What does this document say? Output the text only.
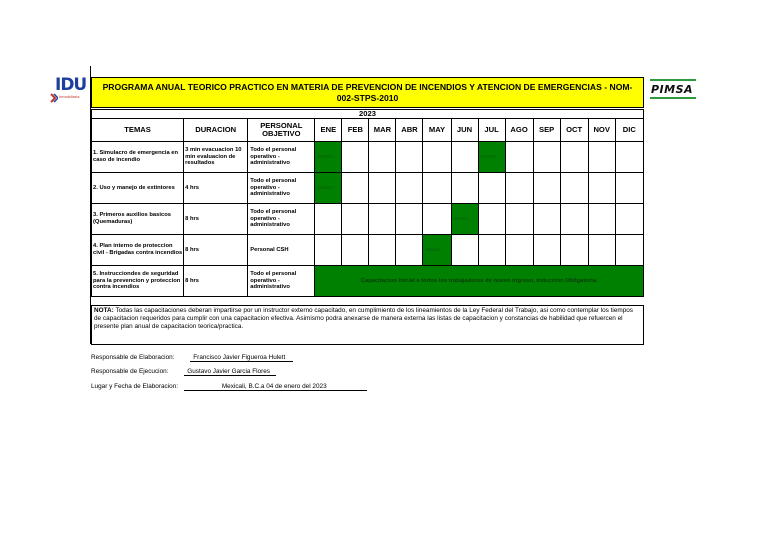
IDU
Inmobiliaria
PIMSA
PROGRAMA ANUAL TEORICO PRACTICO EN MATERIA DE PREVENCION DE INCENDIOS Y ATENCION DE EMERGENCIAS - NOM-002-STPS-2010
2023														
TEMAS	DURACION	PERSONAL OBJETIVO	ENE	FEB	MAR	ABR	MAY	JUN	JUL	AGO	SEP	OCT	NOV	DIC
1. Simulacro de emergencia en caso de incendio	3 min evacuacion 10 min evaluacion de resultados	Todo el personal operativo - administrativo	16/01/2023						14/07/2023					

2. Uso y manejo de extintores	4 hrs	Todo el personal operativo - administrativo	23/01/2023											

3. Primeros auxilios basicos (Quemaduras)	8 hrs	Todo el personal operativo - administrativo						16/06/2023						

4. Plan interno de proteccion civil - Brigadas contra incendios	8 hrs	Personal CSH					19/05/2023							

5. Instrucciondes de seguridad para la prevencion y proteccion contra incendios	8 hrs	Todo el personal operativo - administrativo	Capacitacion Inicial a todos los trabajadores de nuevo ingreso, Induccion Obligatoria.											
NOTA: Todas las capacitaciones deberan impartirse por un instructor externo capacitado, en cumplimiento de los lineamientos de la Ley Federal del Trabajo, asi como contemplar los tiempos de capacitacion requeridos para cumplir con una capacitacion efectiva. Asimismo podra anexarse de manera externa las listas de capacitacion y constancias de habilidad que refuercen el presente plan anual de capacitacion teorica/practica.
Responsable de Elaboracion:	Francisco Javier Figueroa Hulett
Responsable de Ejecucion:	Gustavo Javier Garcia Flores
Lugar y Fecha de Elaboracion:	Mexicali, B.C.a 04 de enero del 2023
